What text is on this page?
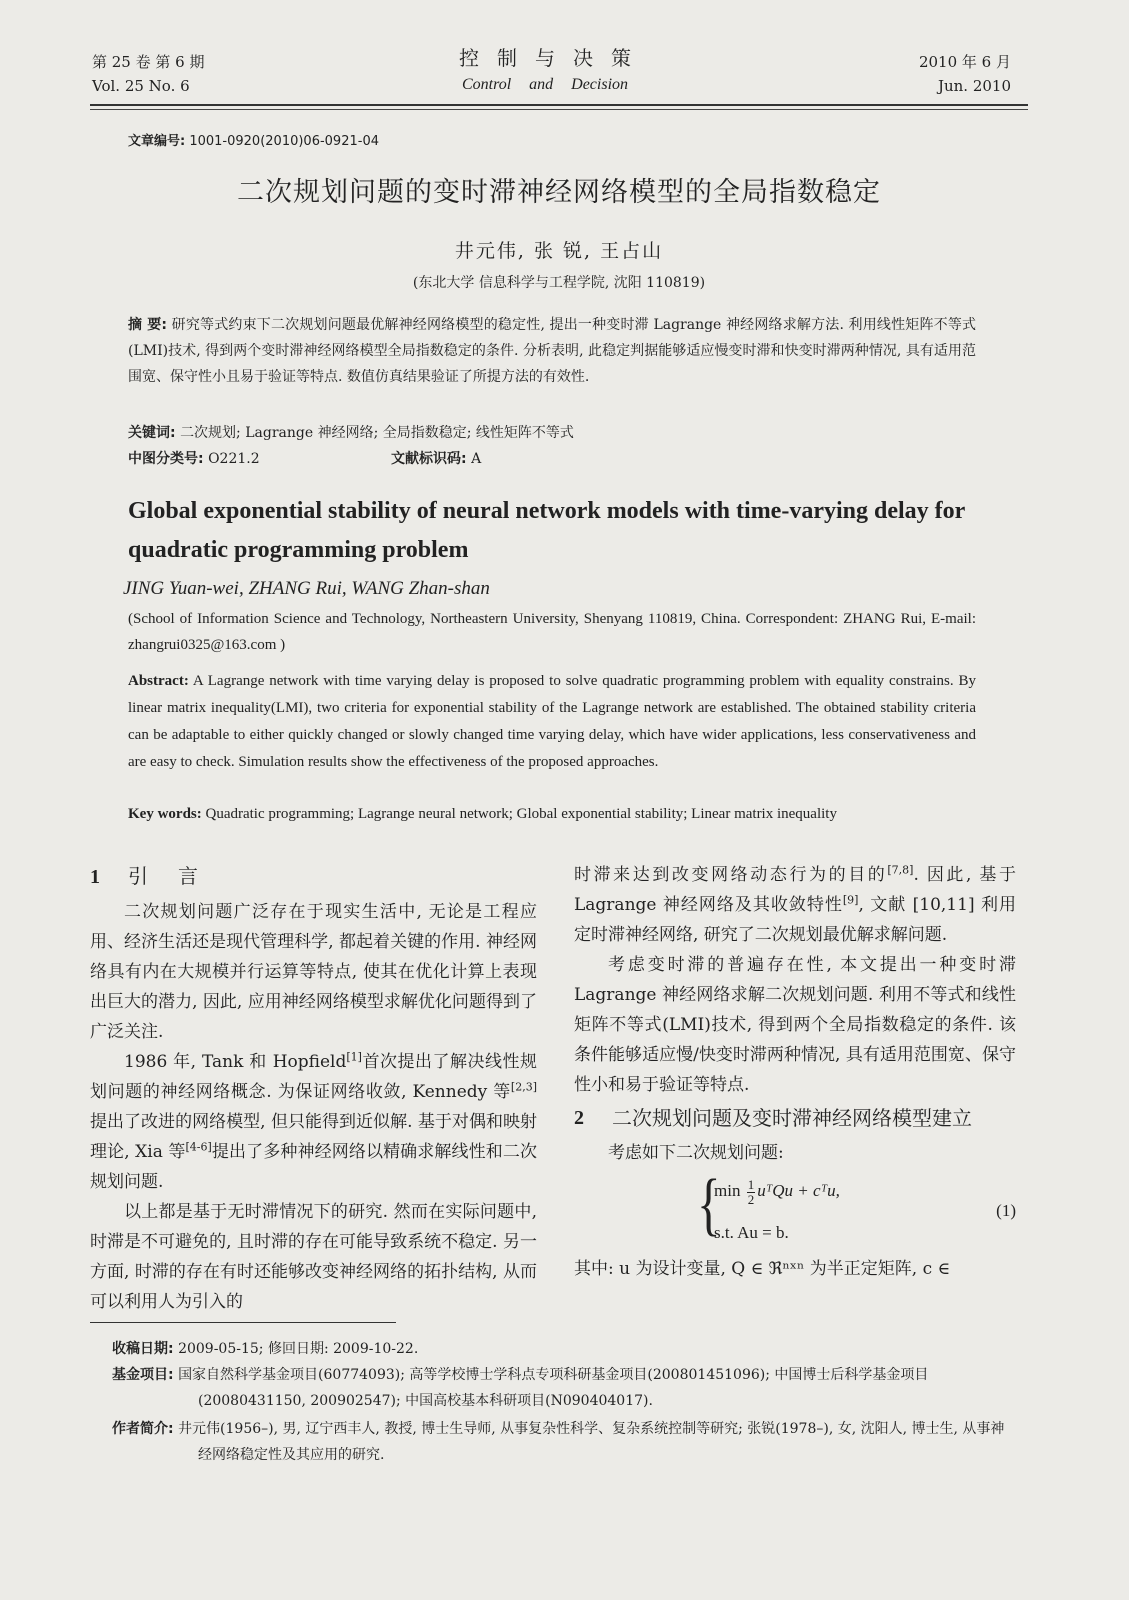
第 25 卷 第 6 期
Vol. 25 No. 6
控制与决策
Control and Decision
2010 年 6 月
Jun. 2010
文章编号: 1001-0920(2010)06-0921-04
二次规划问题的变时滞神经网络模型的全局指数稳定
井元伟, 张 锐, 王占山
(东北大学 信息科学与工程学院, 沈阳 110819)
摘 要: 研究等式约束下二次规划问题最优解神经网络模型的稳定性, 提出一种变时滞 Lagrange 神经网络求解方法. 利用线性矩阵不等式(LMI)技术, 得到两个变时滞神经网络模型全局指数稳定的条件. 分析表明, 此稳定判据能够适应慢变时滞和快变时滞两种情况, 具有适用范围宽、保守性小且易于验证等特点. 数值仿真结果验证了所提方法的有效性.
关键词: 二次规划; Lagrange 神经网络; 全局指数稳定; 线性矩阵不等式
中图分类号: O221.2	文献标识码: A
Global exponential stability of neural network models with time-varying delay for quadratic programming problem
JING Yuan-wei, ZHANG Rui, WANG Zhan-shan
(School of Information Science and Technology, Northeastern University, Shenyang 110819, China. Correspondent: ZHANG Rui, E-mail: zhangrui0325@163.com )
Abstract: A Lagrange network with time varying delay is proposed to solve quadratic programming problem with equality constrains. By linear matrix inequality(LMI), two criteria for exponential stability of the Lagrange network are established. The obtained stability criteria can be adaptable to either quickly changed or slowly changed time varying delay, which have wider applications, less conservativeness and are easy to check. Simulation results show the effectiveness of the proposed approaches.
Key words: Quadratic programming; Lagrange neural network; Global exponential stability; Linear matrix inequality
1 引言

二次规划问题广泛存在于现实生活中, 无论是工程应用、经济生活还是现代管理科学, 都起着关键的作用. 神经网络具有内在大规模并行运算等特点, 使其在优化计算上表现出巨大的潜力, 因此, 应用神经网络模型求解优化问题得到了广泛关注.

1986 年, Tank 和 Hopfield[1]首次提出了解决线性规划问题的神经网络概念. 为保证网络收敛, Kennedy 等[2,3]提出了改进的网络模型, 但只能得到近似解. 基于对偶和映射理论, Xia 等[4-6]提出了多种神经网络以精确求解线性和二次规划问题.

以上都是基于无时滞情况下的研究. 然而在实际问题中, 时滞是不可避免的, 且时滞的存在可能导致系统不稳定. 另一方面, 时滞的存在有时还能够改变神经网络的拓扑结构, 从而可以利用人为引入的

时滞来达到改变网络动态行为的目的[7,8]. 因此, 基于 Lagrange 神经网络及其收敛特性[9], 文献 [10,11] 利用定时滞神经网络, 研究了二次规划最优解求解问题.

考虑变时滞的普遍存在性, 本文提出一种变时滞 Lagrange 神经网络求解二次规划问题. 利用不等式和线性矩阵不等式(LMI)技术, 得到两个全局指数稳定的条件. 该条件能够适应慢/快变时滞两种情况, 具有适用范围宽、保守性小和易于验证等特点.

2	二次规划问题及变时滞神经网络模型建立

考虑如下二次规划问题:

{
$\min \frac{1}{2}$ uᵀQu + cᵀu,
s.t. Au = b.
(1)

其中: u 为设计变量, Q ∈ ℜⁿˣⁿ 为半正定矩阵, c ∈

收稿日期: 2009-05-15; 修回日期: 2009-10-22.
基金项目: 国家自然科学基金项目(60774093); 高等学校博士学科点专项科研基金项目(200801451096); 中国博士后科学基金项目(20080431150, 200902547); 中国高校基本科研项目(N090404017).
作者简介: 井元伟(1956–), 男, 辽宁西丰人, 教授, 博士生导师, 从事复杂性科学、复杂系统控制等研究; 张锐(1978–), 女, 沈阳人, 博士生, 从事神经网络稳定性及其应用的研究.
